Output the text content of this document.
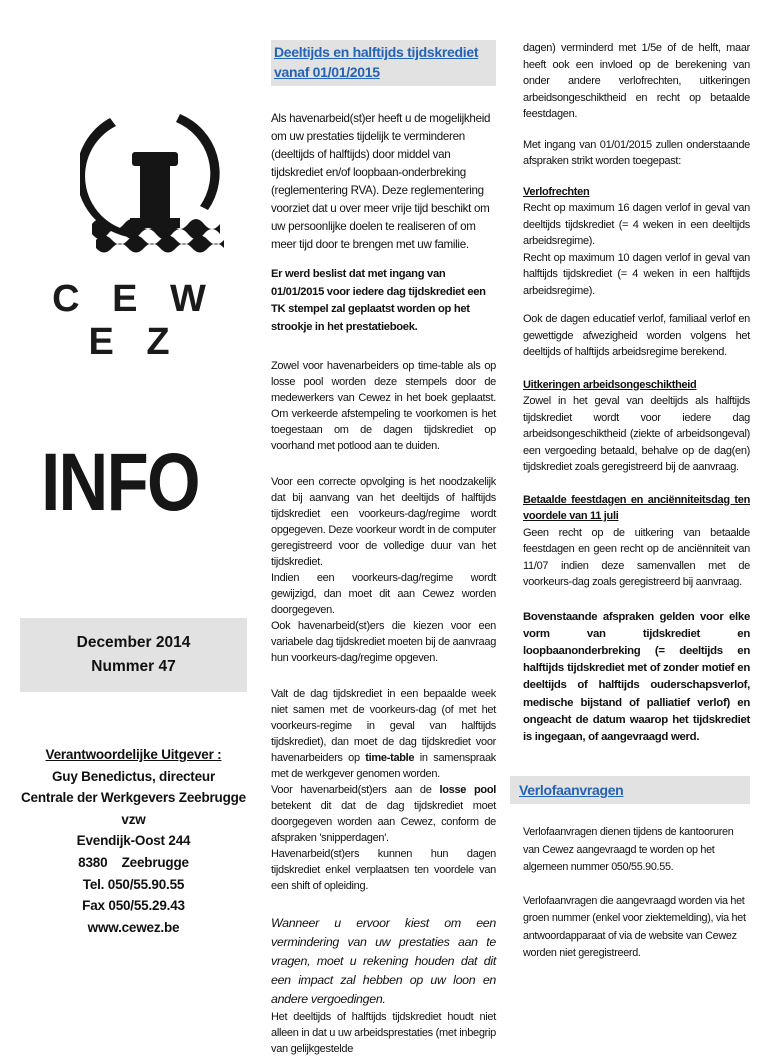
C E W E Z
INFO
December 2014
Nummer 47
Verantwoordelijke Uitgever :
Guy Benedictus, directeur
Centrale der Werkgevers Zeebrugge vzw
Evendijk-Oost 244
8380    Zeebrugge
Tel. 050/55.90.55
Fax 050/55.29.43
www.cewez.be
Deeltijds en halftijds tijdskrediet vanaf 01/01/2015

Als havenarbeid(st)er heeft u de mogelijkheid om uw prestaties tijdelijk te verminderen (deeltijds of halftijds) door middel van tijdskrediet en/of loopbaan-onderbreking (reglementering RVA). Deze reglementering voorziet dat u over meer vrije tijd beschikt om uw persoonlijke doelen te realiseren of om meer tijd door te brengen met uw familie.

Er werd beslist dat met ingang van 01/01/2015 voor iedere dag tijdskrediet een TK stempel zal geplaatst worden op het strookje in het prestatieboek.

Zowel voor havenarbeiders op time-table als op losse pool worden deze stempels door de medewerkers van Cewez in het boek geplaatst. Om verkeerde afstempeling te voorkomen is het toegestaan om de dagen tijdskrediet op voorhand met potlood aan te duiden.

Voor een correcte opvolging is het noodzakelijk dat bij aanvang van het deeltijds of halftijds tijdskrediet een voorkeurs-dag/regime wordt opgegeven. Deze voorkeur wordt in de computer geregistreerd voor de volledige duur van het tijdskrediet.

Indien een voorkeurs-dag/regime wordt gewijzigd, dan moet dit aan Cewez worden doorgegeven.

Ook havenarbeid(st)ers die kiezen voor een variabele dag tijdskrediet moeten bij de aanvraag hun voorkeurs-dag/regime opgeven.

Valt de dag tijdskrediet in een bepaalde week niet samen met de voorkeurs-dag (of met het voorkeurs-regime in geval van halftijds tijdskrediet), dan moet de dag tijdskrediet voor havenarbeiders op time-table in samenspraak met de werkgever genomen worden.

Voor havenarbeid(st)ers aan de losse pool betekent dit dat de dag tijdskrediet moet doorgegeven worden aan Cewez, conform de afspraken 'snipperdagen'.

Havenarbeid(st)ers kunnen hun dagen tijdskrediet enkel verplaatsen ten voordele van een shift of opleiding.

Wanneer u ervoor kiest om een vermindering van uw prestaties aan te vragen, moet u rekening houden dat dit een impact zal hebben op uw loon en andere vergoedingen.

Het deeltijds of halftijds tijdskrediet houdt niet alleen in dat u uw arbeidsprestaties (met inbegrip van gelijkgestelde

dagen) verminderd met 1/5e of de helft, maar heeft ook een invloed op de berekening van onder andere verlofrechten, uitkeringen arbeidsongeschiktheid en recht op betaalde feestdagen.

Met ingang van 01/01/2015 zullen onderstaande afspraken strikt worden toegepast:

Verlofrechten

Recht op maximum 16 dagen verlof in geval van deeltijds tijdskrediet (= 4 weken in een deeltijds arbeidsregime).

Recht op maximum 10 dagen verlof in geval van halftijds tijdskrediet (= 4 weken in een halftijds arbeidsregime).

Ook de dagen educatief verlof, familiaal verlof en gewettigde afwezigheid worden volgens het deeltijds of halftijds arbeidsregime berekend.

Uitkeringen arbeidsongeschiktheid

Zowel in het geval van deeltijds als halftijds tijdskrediet wordt voor iedere dag arbeidsongeschiktheid (ziekte of arbeidsongeval) een vergoeding betaald, behalve op de dag(en) tijdskrediet zoals geregistreerd bij de aanvraag.

Betaalde feestdagen en anciënniteitsdag ten voordele van 11 juli

Geen recht op de uitkering van betaalde feestdagen en geen recht op de anciënniteit van 11/07 indien deze samenvallen met de voorkeurs-dag zoals geregistreerd bij aanvraag.

Bovenstaande afspraken gelden voor elke vorm van tijdskrediet en loopbaanonderbreking (= deeltijds en halftijds tijdskrediet met of zonder motief en deeltijds of halftijds ouderschapsverlof, medische bijstand of palliatief verlof) en ongeacht de datum waarop het tijdskrediet is ingegaan, of aangevraagd werd.

Verlofaanvragen

Verlofaanvragen dienen tijdens de kantooruren van Cewez aangevraagd te worden op het algemeen nummer 050/55.90.55.

Verlofaanvragen die aangevraagd worden via het groen nummer (enkel voor ziektemelding), via het antwoordapparaat of via de website van Cewez worden niet geregistreerd.
